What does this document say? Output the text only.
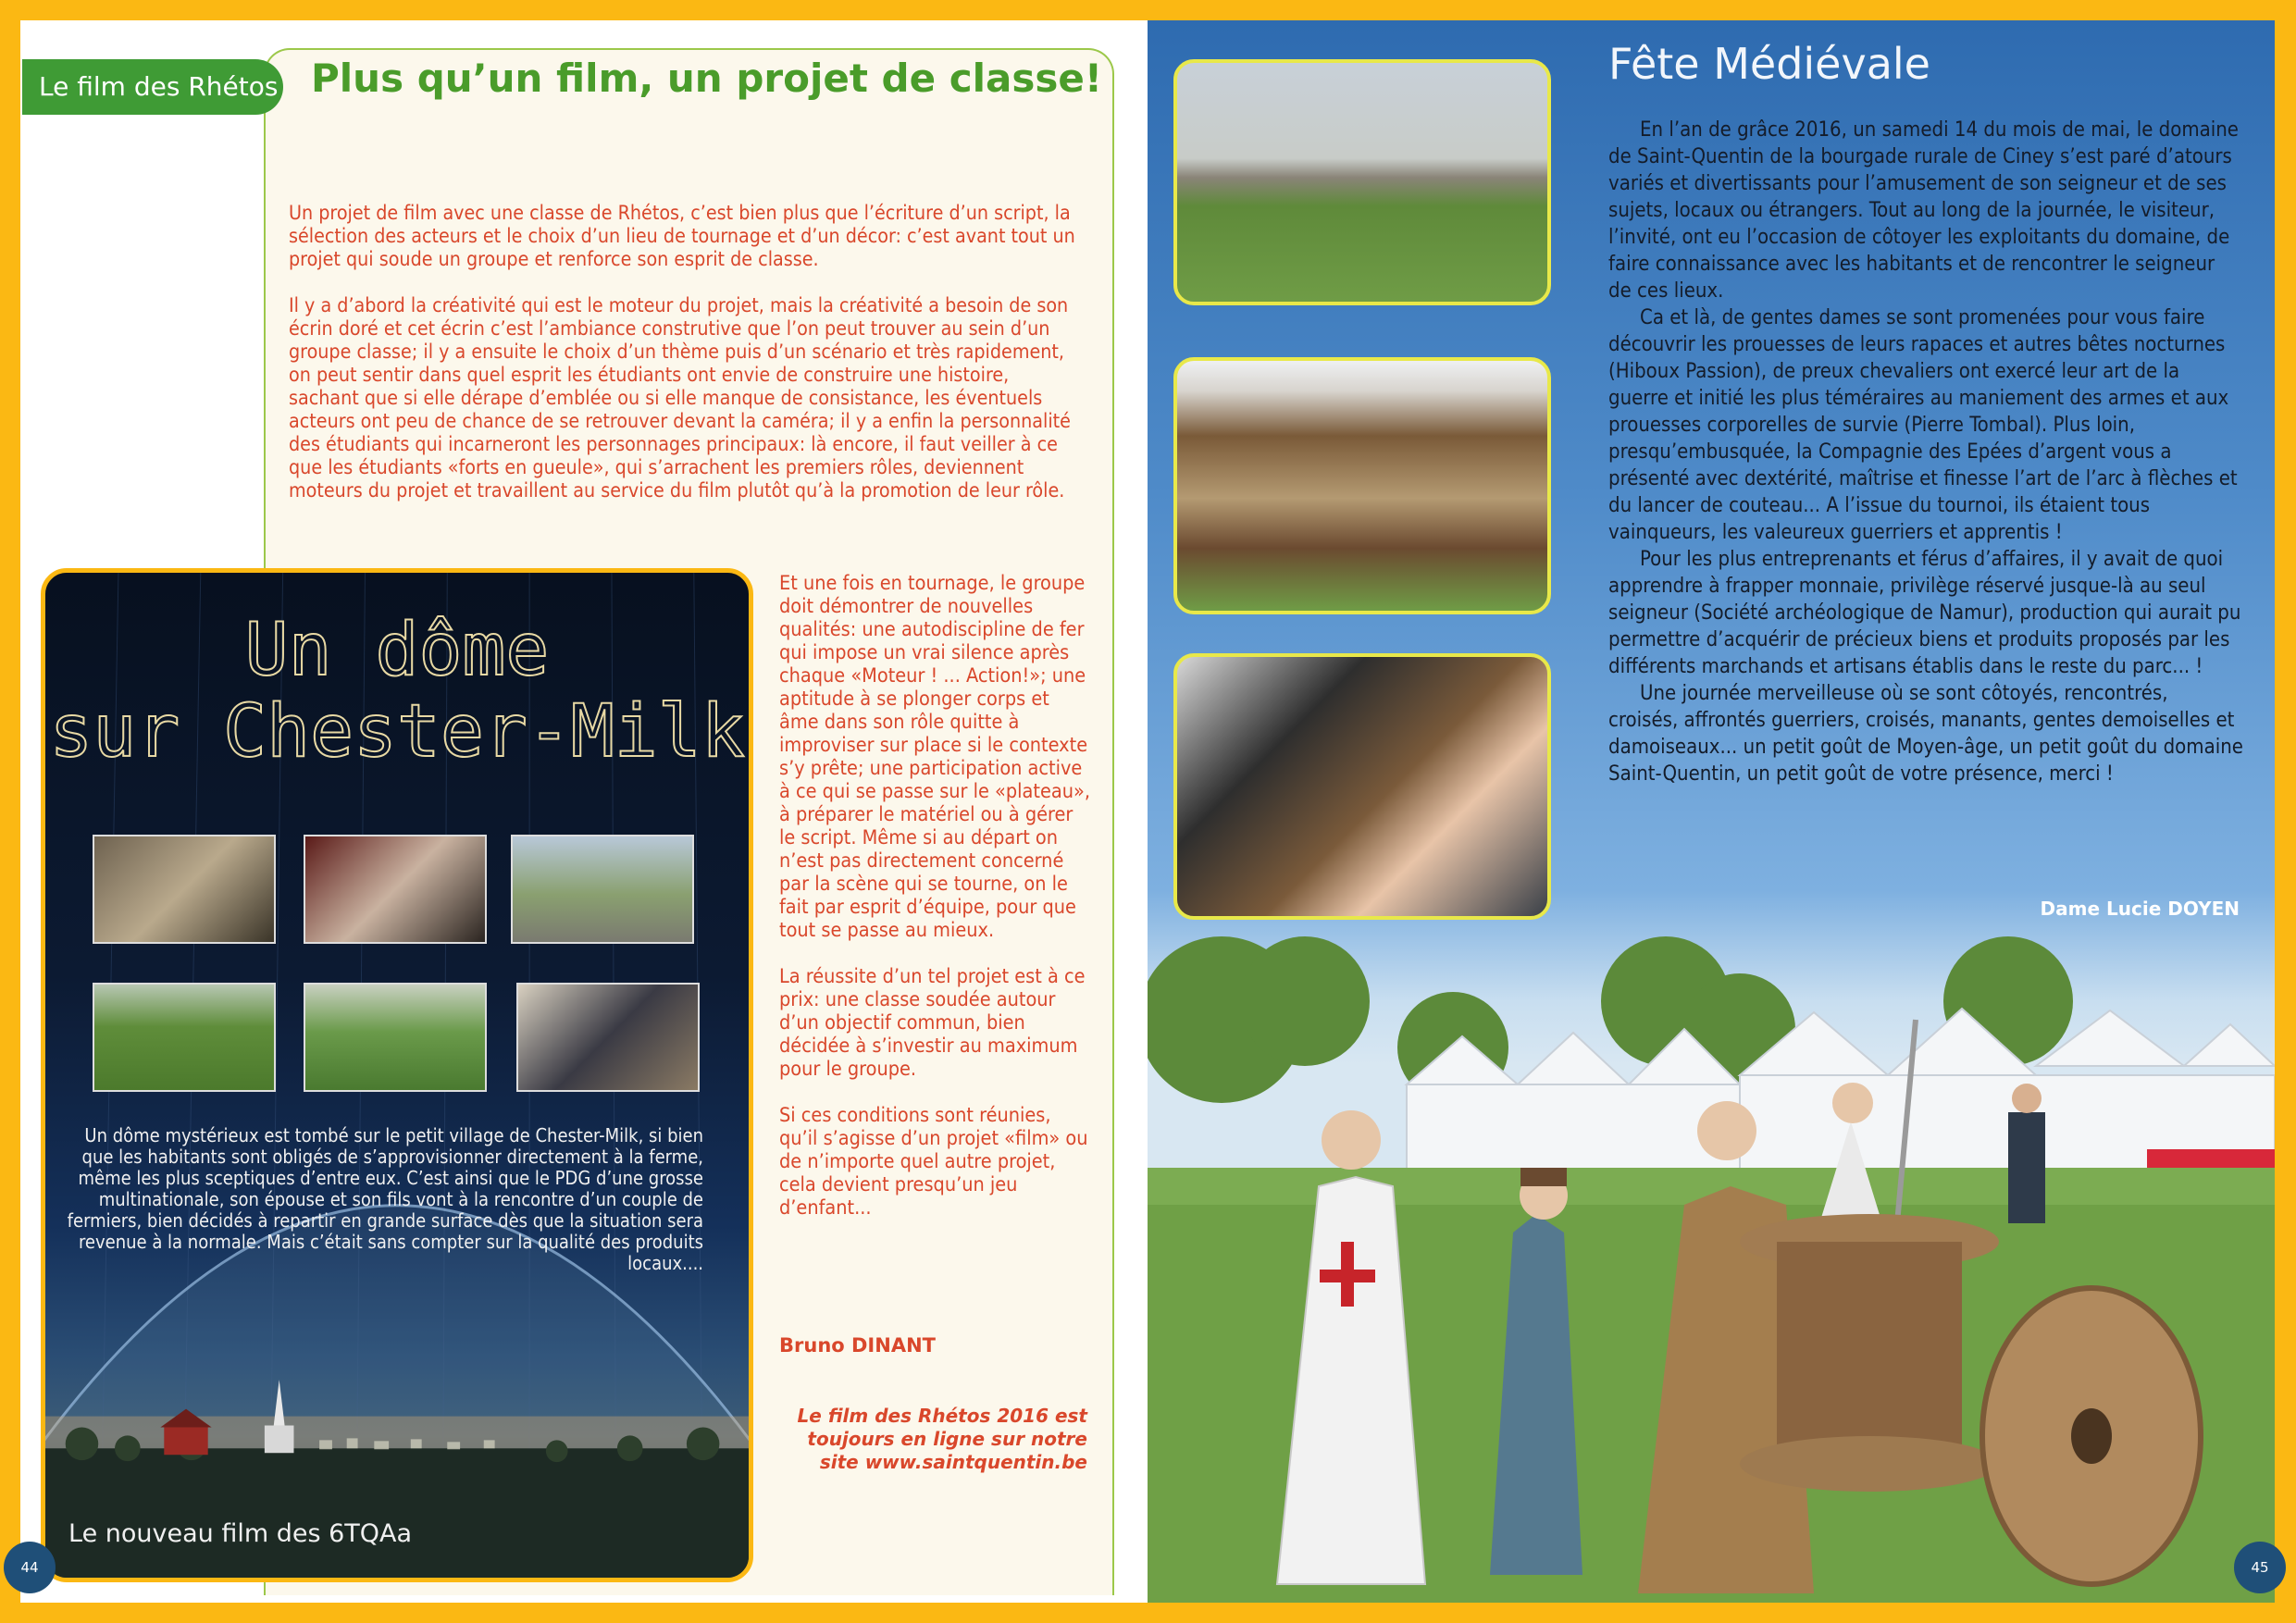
Le film des Rhétos Plus qu’un film, un projet de classe!

Un projet de film avec une classe de Rhétos, c’est bien plus que l’écriture d’un script, la sélection des acteurs et le choix d’un lieu de tournage et d’un décor: c’est avant tout un projet qui soude un groupe et renforce son esprit de classe.

Il y a d’abord la créativité qui est le moteur du projet, mais la créativité a besoin de son écrin doré et cet écrin c’est l’ambiance construtive que l’on peut trouver au sein d’un groupe classe; il y a ensuite le choix d’un thème puis d’un scénario et très rapidement, on peut sentir dans quel esprit les étudiants ont envie de construire une histoire, sachant que si elle dérape d’emblée ou si elle manque de consistance, les éventuels acteurs ont peu de chance de se retrouver devant la caméra; il y a enfin la personnalité des étudiants qui incarneront les personnages principaux: là encore, il faut veiller à ce que les étudiants «forts en gueule», qui s’arrachent les premiers rôles, deviennent moteurs du projet et travaillent au service du film plutôt qu’à la promotion de leur rôle.

Et une fois en tournage, le groupe doit démontrer de nouvelles qualités: une autodiscipline de fer qui impose un vrai silence après chaque «Moteur ! ... Action!»; une aptitude à se plonger corps et âme dans son rôle quitte à improviser sur place si le contexte s’y prête; une participation active à ce qui se passe sur le «plateau», à préparer le matériel ou à gérer le script. Même si au départ on n’est pas directement concerné par la scène qui se tourne, on le fait par esprit d’équipe, pour que tout se passe au mieux.

La réussite d’un tel projet est à ce prix: une classe soudée autour d’un objectif commun, bien décidée à s’investir au maximum pour le groupe.

Si ces conditions sont réunies, qu’il s’agisse d’un projet «film» ou de n’importe quel autre projet, cela devient presqu’un jeu d’enfant...

Bruno DINANT
Le film des Rhétos 2016 est toujours en ligne sur notre site www.saintquentin.be
Un dôme
sur Chester-Milk
Un dôme mystérieux est tombé sur le petit village de Chester-Milk, si bien que les habitants sont obligés de s’approvisionner directement à la ferme, même les plus sceptiques d’entre eux. C’est ainsi que le PDG d’une grosse multinationale, son épouse et son fils vont à la rencontre d’un couple de fermiers, bien décidés à repartir en grande surface dès que la situation sera revenue à la normale. Mais c’était sans compter sur la qualité des produits locaux....
Le nouveau film des 6TQAa
44
Fête Médiévale

En l’an de grâce 2016, un samedi 14 du mois de mai, le domaine de Saint-Quentin de la bourgade rurale de Ciney s’est paré d’atours variés et divertissants pour l’amusement de son seigneur et de ses sujets, locaux ou étrangers. Tout au long de la journée, le visiteur, l’invité, ont eu l’occasion de côtoyer les exploitants du domaine, de faire connaissance avec les habitants et de rencontrer le seigneur de ces lieux.

Ca et là, de gentes dames se sont promenées pour vous faire découvrir les prouesses de leurs rapaces et autres bêtes nocturnes (Hiboux Passion), de preux chevaliers ont exercé leur art de la guerre et initié les plus téméraires au maniement des armes et aux prouesses corporelles de survie (Pierre Tombal). Plus loin, presqu’embusquée, la Compagnie des Epées d’argent vous a présenté avec dextérité, maîtrise et finesse l’art de l’arc à flèches et du lancer de couteau... A l’issue du tournoi, ils étaient tous vainqueurs, les valeureux guerriers et apprentis !

Pour les plus entreprenants et férus d’affaires, il y avait de quoi apprendre à frapper monnaie, privilège réservé jusque-là au seul seigneur (Société archéologique de Namur), production qui aurait pu permettre d’acquérir de précieux biens et produits proposés par les différents marchands et artisans établis dans le reste du parc... !

Une journée merveilleuse où se sont côtoyés, rencontrés, croisés, affrontés guerriers, croisés, manants, gentes demoiselles et damoiseaux... un petit goût de Moyen-âge, un petit goût du domaine Saint-Quentin, un petit goût de votre présence, merci !

Dame Lucie DOYEN
45
